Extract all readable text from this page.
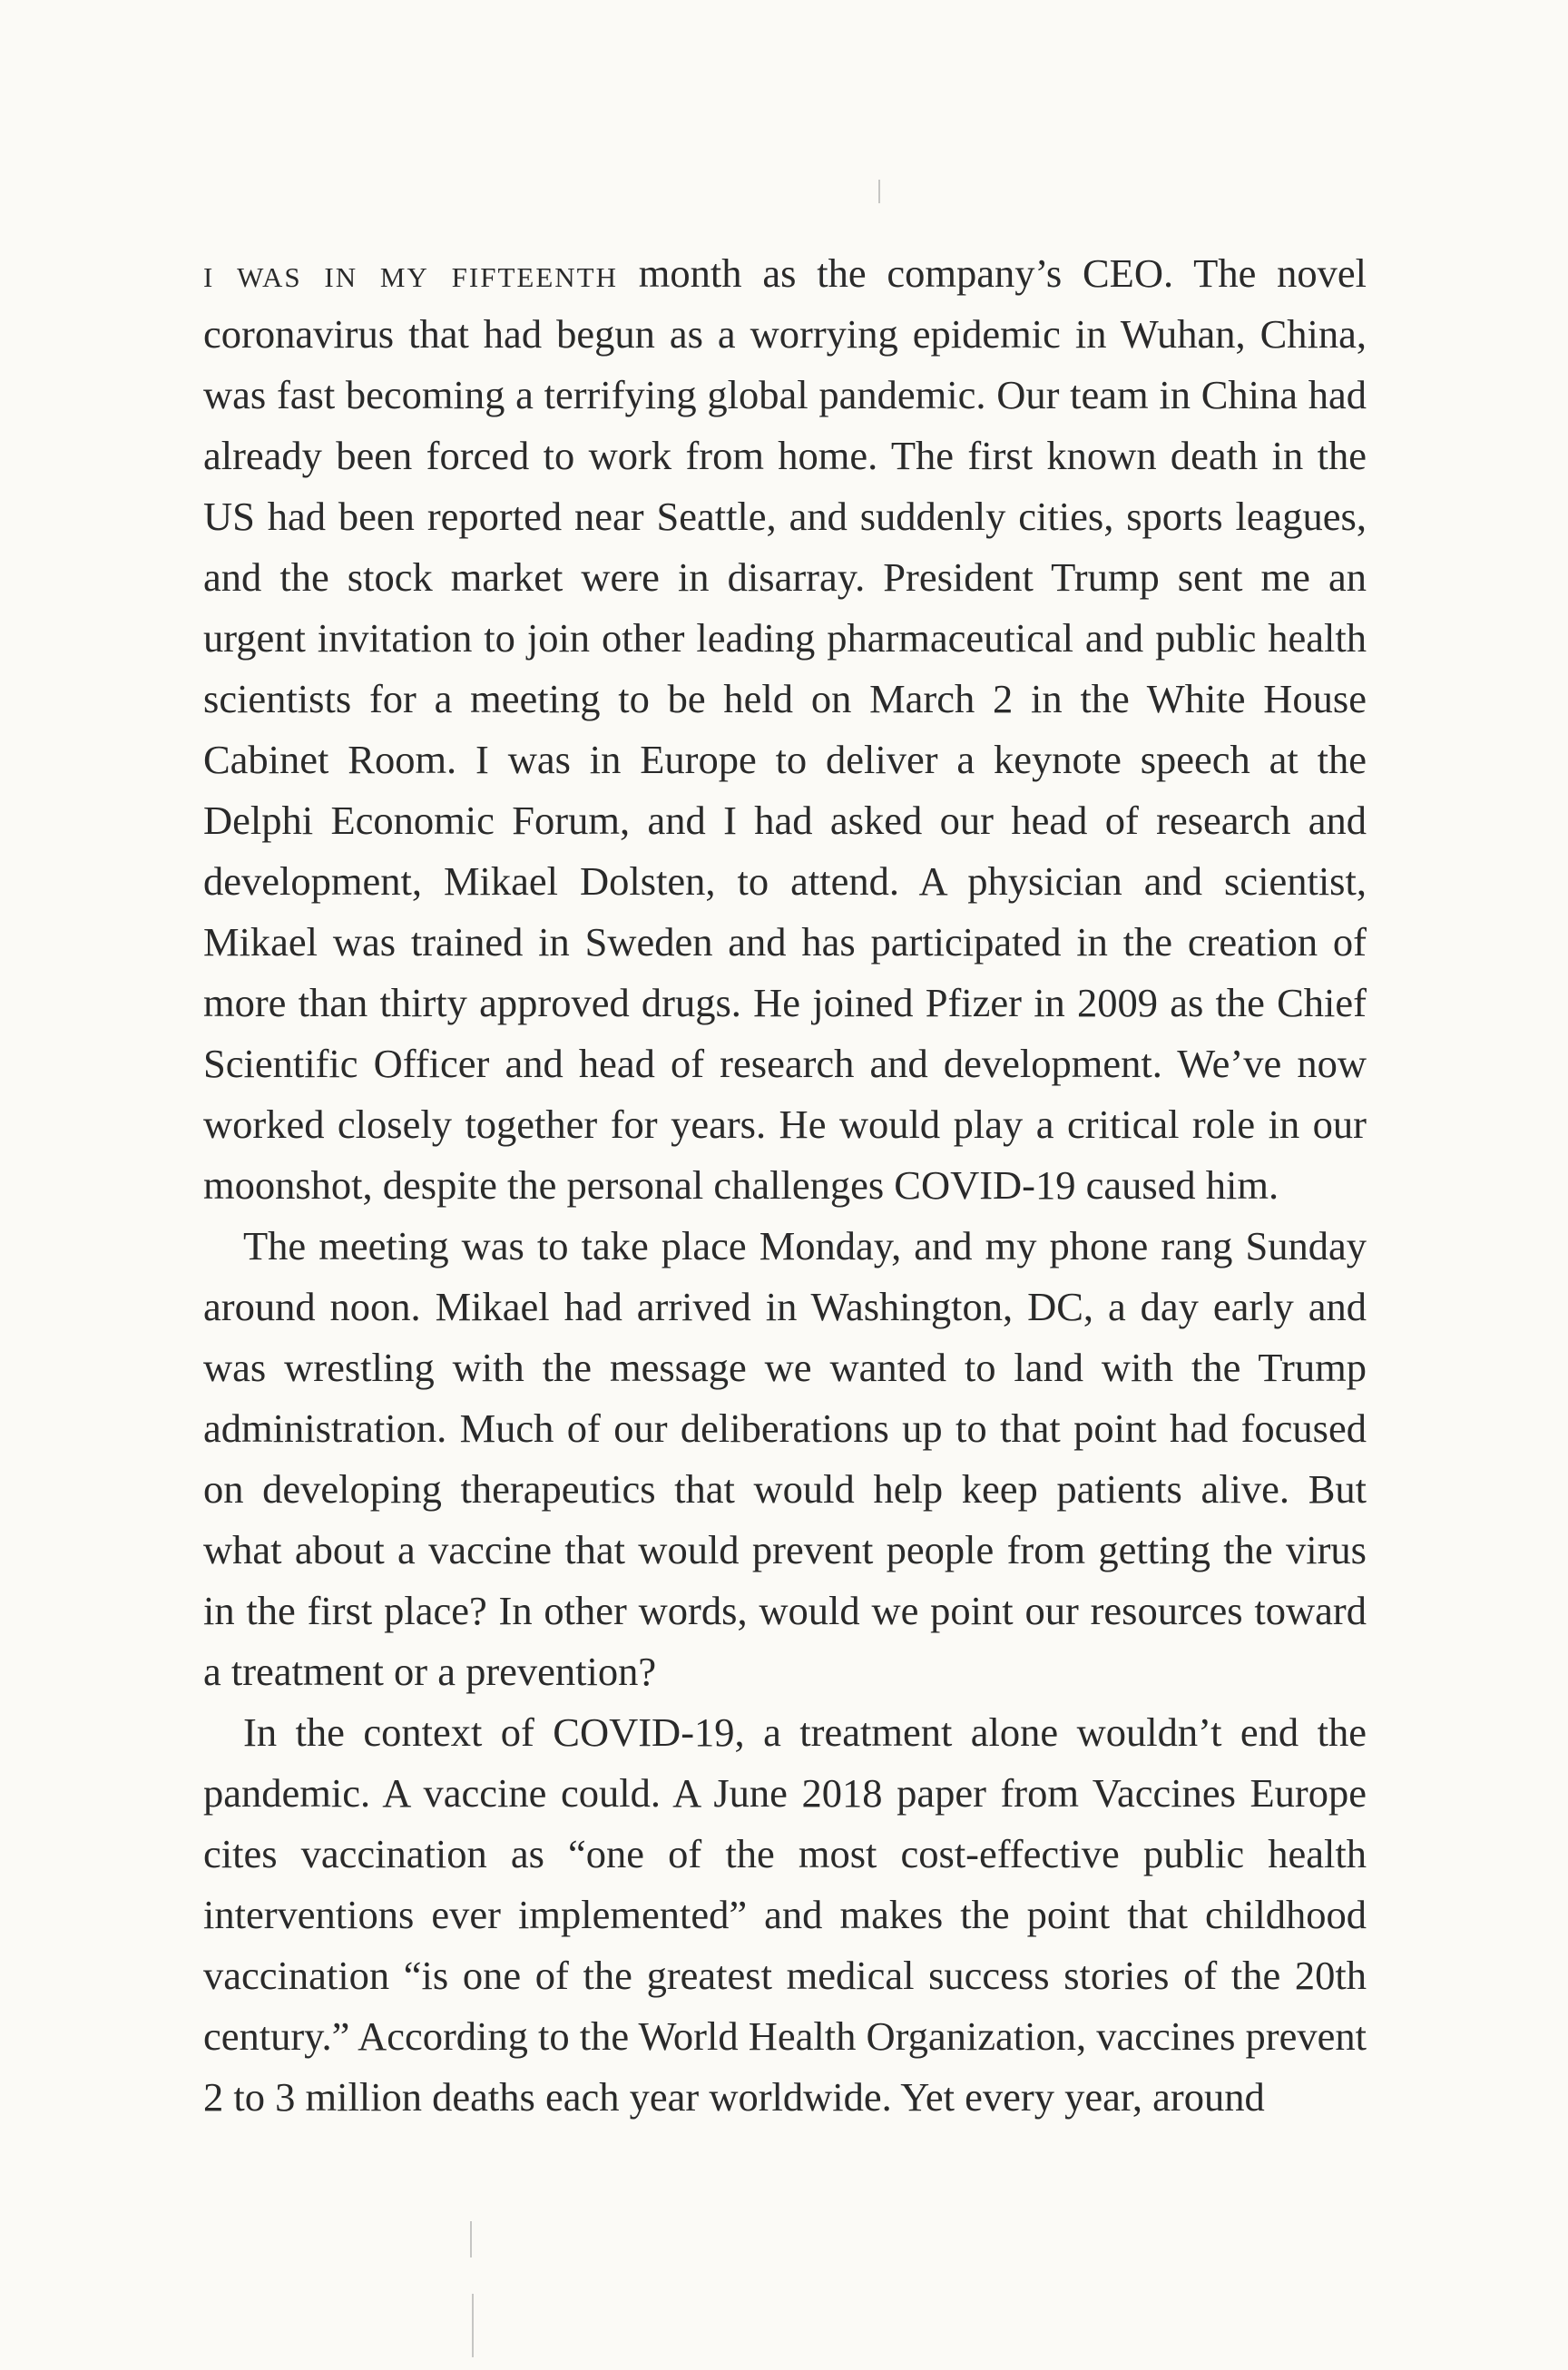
i was in my fifteenth month as the company’s CEO. The novel coronavirus that had begun as a worrying epidemic in Wuhan, China, was fast becoming a terrifying global pandemic. Our team in China had already been forced to work from home. The first known death in the US had been reported near Seattle, and suddenly cities, sports leagues, and the stock market were in disarray. President Trump sent me an urgent invitation to join other leading pharmaceutical and public health scientists for a meeting to be held on March 2 in the White House Cabinet Room. I was in Europe to deliver a keynote speech at the Delphi Economic Forum, and I had asked our head of research and development, Mikael Dolsten, to attend. A physician and scientist, Mikael was trained in Sweden and has participated in the creation of more than thirty approved drugs. He joined Pfizer in 2009 as the Chief Scientific Officer and head of research and development. We’ve now worked closely together for years. He would play a critical role in our moonshot, despite the personal challenges COVID-19 caused him.

The meeting was to take place Monday, and my phone rang Sunday around noon. Mikael had arrived in Washington, DC, a day early and was wrestling with the message we wanted to land with the Trump administration. Much of our deliberations up to that point had focused on developing therapeutics that would help keep patients alive. But what about a vaccine that would prevent people from getting the virus in the first place? In other words, would we point our resources toward a treatment or a prevention?

In the context of COVID-19, a treatment alone wouldn’t end the pandemic. A vaccine could. A June 2018 paper from Vaccines Europe cites vaccination as “one of the most cost-effective public health interventions ever implemented” and makes the point that childhood vaccination “is one of the greatest medical success stories of the 20th century.” According to the World Health Organization, vaccines prevent 2 to 3 million deaths each year worldwide. Yet every year, around
